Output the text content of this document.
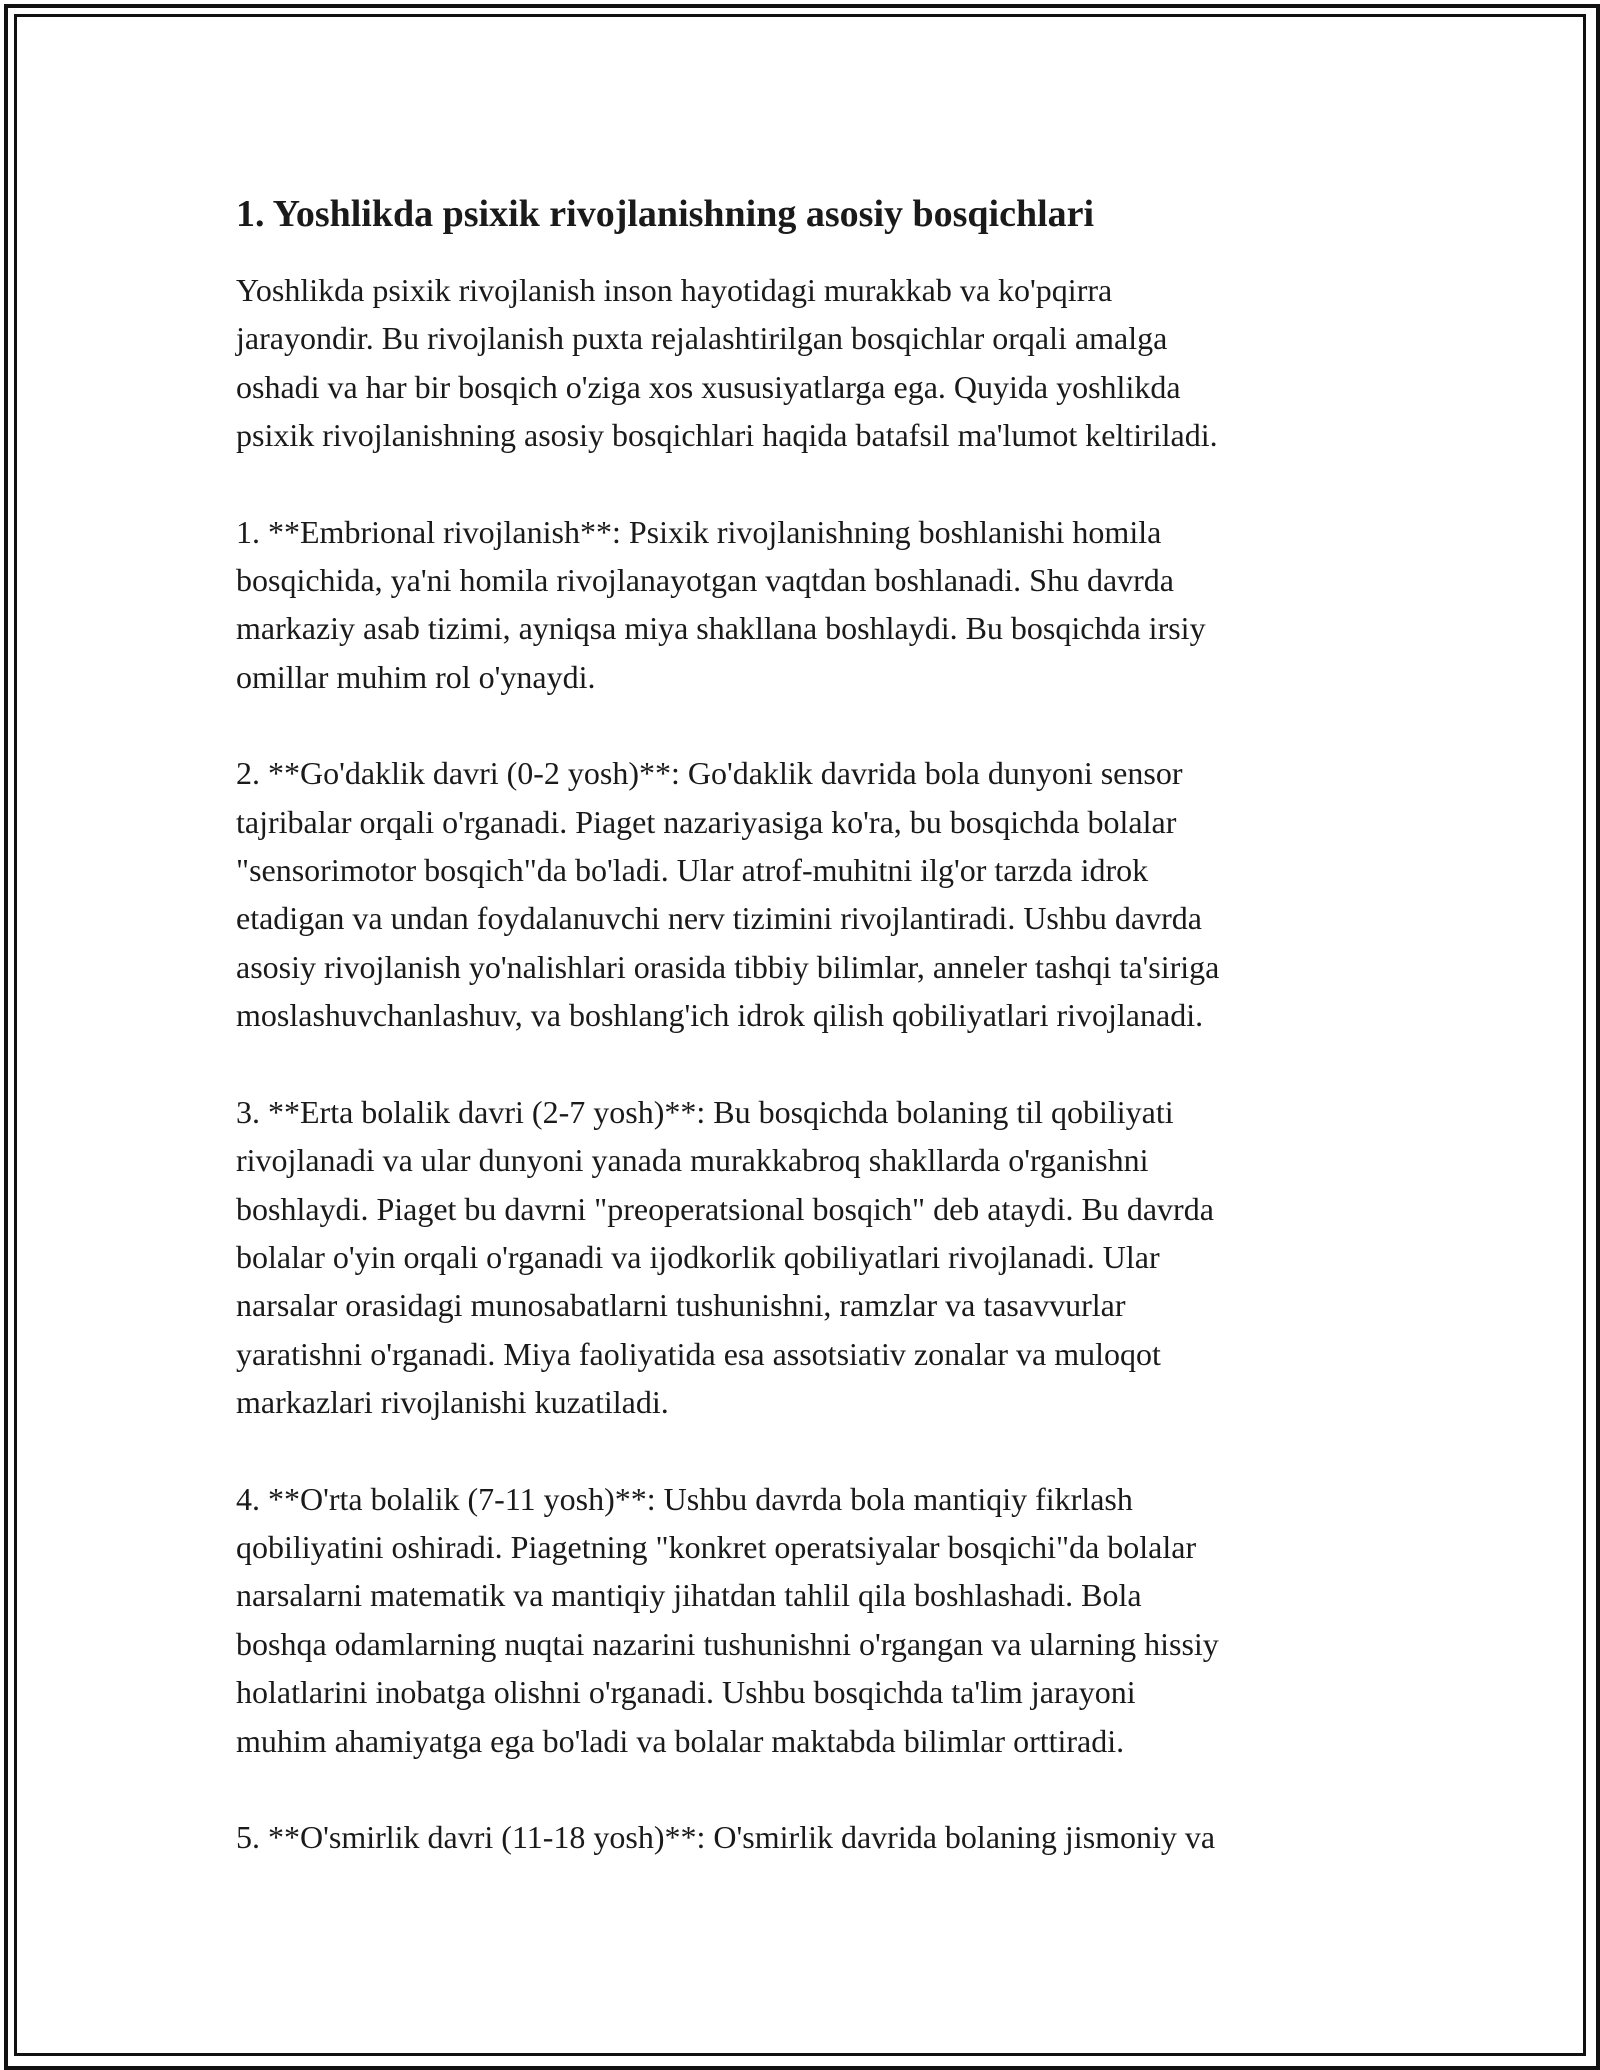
1. Yoshlikda psixik rivojlanishning asosiy bosqichlari

Yoshlikda psixik rivojlanish inson hayotidagi murakkab va ko'pqirra
jarayondir. Bu rivojlanish puxta rejalashtirilgan bosqichlar orqali amalga
oshadi va har bir bosqich o'ziga xos xususiyatlarga ega. Quyida yoshlikda
psixik rivojlanishning asosiy bosqichlari haqida batafsil ma'lumot keltiriladi.

1. **Embrional rivojlanish**: Psixik rivojlanishning boshlanishi homila
bosqichida, ya'ni homila rivojlanayotgan vaqtdan boshlanadi. Shu davrda
markaziy asab tizimi, ayniqsa miya shakllana boshlaydi. Bu bosqichda irsiy
omillar muhim rol o'ynaydi.

2. **Go'daklik davri (0-2 yosh)**: Go'daklik davrida bola dunyoni sensor
tajribalar orqali o'rganadi. Piaget nazariyasiga ko'ra, bu bosqichda bolalar
"sensorimotor bosqich"da bo'ladi. Ular atrof-muhitni ilg'or tarzda idrok
etadigan va undan foydalanuvchi nerv tizimini rivojlantiradi. Ushbu davrda
asosiy rivojlanish yo'nalishlari orasida tibbiy bilimlar, anneler tashqi ta'siriga
moslashuvchanlashuv, va boshlang'ich idrok qilish qobiliyatlari rivojlanadi.

3. **Erta bolalik davri (2-7 yosh)**: Bu bosqichda bolaning til qobiliyati
rivojlanadi va ular dunyoni yanada murakkabroq shakllarda o'rganishni
boshlaydi. Piaget bu davrni "preoperatsional bosqich" deb ataydi. Bu davrda
bolalar o'yin orqali o'rganadi va ijodkorlik qobiliyatlari rivojlanadi. Ular
narsalar orasidagi munosabatlarni tushunishni, ramzlar va tasavvurlar
yaratishni o'rganadi. Miya faoliyatida esa assotsiativ zonalar va muloqot
markazlari rivojlanishi kuzatiladi.

4. **O'rta bolalik (7-11 yosh)**: Ushbu davrda bola mantiqiy fikrlash
qobiliyatini oshiradi. Piagetning "konkret operatsiyalar bosqichi"da bolalar
narsalarni matematik va mantiqiy jihatdan tahlil qila boshlashadi. Bola
boshqa odamlarning nuqtai nazarini tushunishni o'rgangan va ularning hissiy
holatlarini inobatga olishni o'rganadi. Ushbu bosqichda ta'lim jarayoni
muhim ahamiyatga ega bo'ladi va bolalar maktabda bilimlar orttiradi.

5. **O'smirlik davri (11-18 yosh)**: O'smirlik davrida bolaning jismoniy va
